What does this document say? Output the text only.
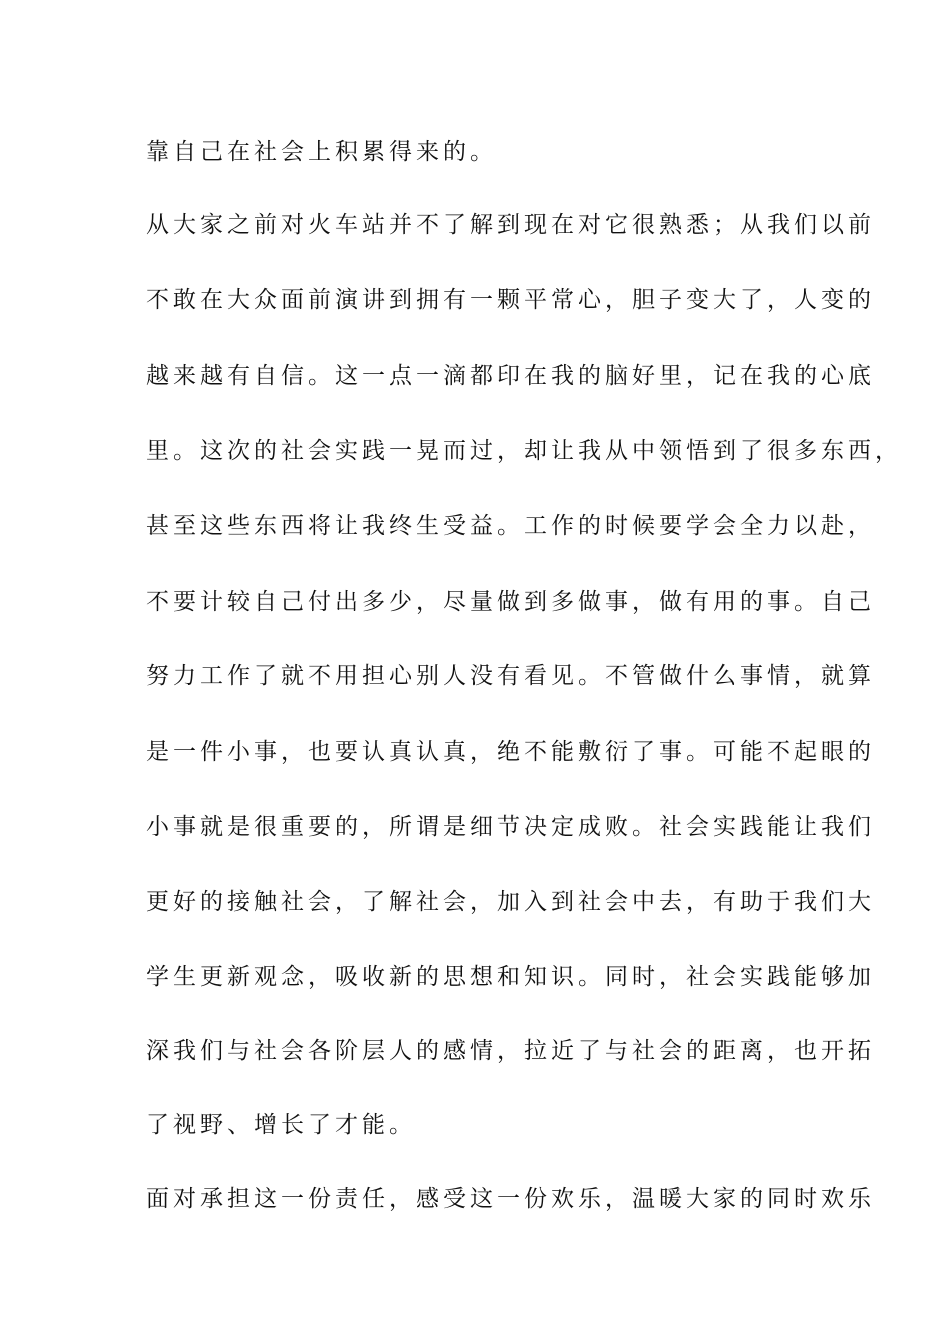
靠自己在社会上积累得来的。
从大家之前对火车站并不了解到现在对它很熟悉；从我们以前
不敢在大众面前演讲到拥有一颗平常心，胆子变大了，人变的
越来越有自信。这一点一滴都印在我的脑好里，记在我的心底
里。这次的社会实践一晃而过，却让我从中领悟到了很多东西，
甚至这些东西将让我终生受益。工作的时候要学会全力以赴，
不要计较自己付出多少，尽量做到多做事，做有用的事。自己
努力工作了就不用担心别人没有看见。不管做什么事情，就算
是一件小事，也要认真认真，绝不能敷衍了事。可能不起眼的
小事就是很重要的，所谓是细节决定成败。社会实践能让我们
更好的接触社会，了解社会，加入到社会中去，有助于我们大
学生更新观念，吸收新的思想和知识。同时，社会实践能够加
深我们与社会各阶层人的感情，拉近了与社会的距离，也开拓
了视野、增长了才能。
面对承担这一份责任，感受这一份欢乐，温暖大家的同时欢乐
